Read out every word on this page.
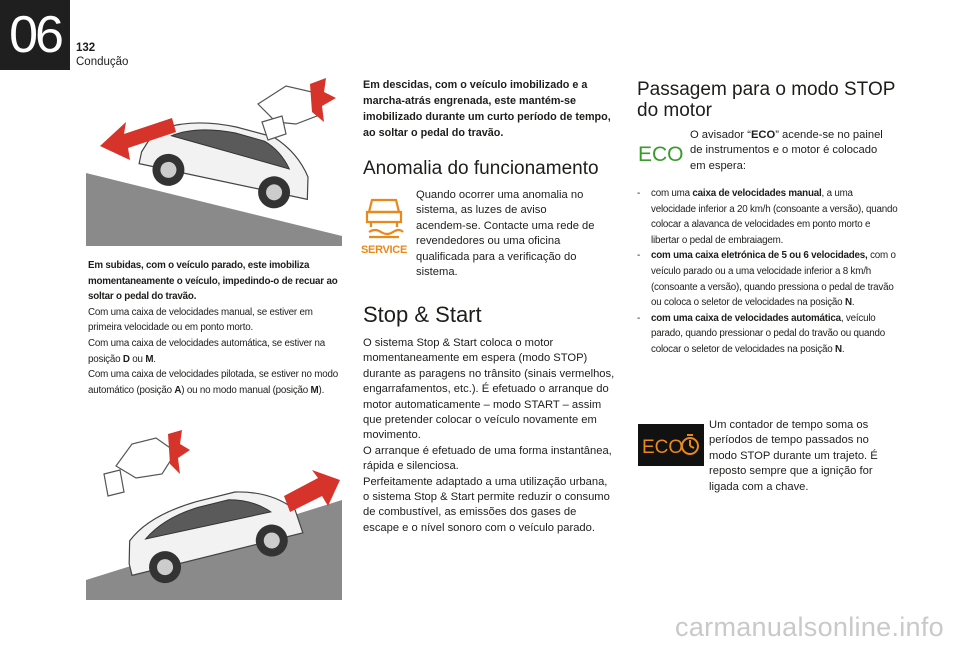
06	132
Condução

Em subidas, com o veículo parado, este imobiliza momentaneamente o veículo, impedindo-o de recuar ao soltar o pedal do travão.

Com uma caixa de velocidades manual, se estiver em primeira velocidade ou em ponto morto.

Com uma caixa de velocidades automática, se estiver na posição D ou M.

Com uma caixa de velocidades pilotada, se estiver no modo automático (posição A) ou no modo manual (posição M).

Em descidas, com o veículo imobilizado e a marcha-atrás engrenada, este mantém-se imobilizado durante um curto período de tempo, ao soltar o pedal do travão.
Anomalia do funcionamento
SERVICE
Quando ocorrer uma anomalia no sistema, as luzes de aviso acendem-se. Contacte uma rede de revendedores ou uma oficina qualificada para a verificação do sistema.
Stop & Start

O sistema Stop & Start coloca o motor momentaneamente em espera (modo STOP) durante as paragens no trânsito (sinais vermelhos, engarrafamentos, etc.). É efetuado o arranque do motor automaticamente – modo START – assim que pretender colocar o veículo novamente em movimento.

O arranque é efetuado de uma forma instantânea, rápida e silenciosa.

Perfeitamente adaptado a uma utilização urbana, o sistema Stop & Start permite reduzir o consumo de combustível, as emissões dos gases de escape e o nível sonoro com o veículo parado.

Passagem para o modo STOP do motor
ECO
O avisador “ECO” acende-se no painel de instrumentos e o motor é colocado em espera:
- com uma caixa de velocidades manual, a uma velocidade inferior a 20 km/h (consoante a versão), quando colocar a alavanca de velocidades em ponto morto e libertar o pedal de embraiagem.
- com uma caixa eletrónica de 5 ou 6 velocidades, com o veículo parado ou a uma velocidade inferior a 8 km/h (consoante a versão), quando pressiona o pedal de travão ou coloca o seletor de velocidades na posição N.
- com uma caixa de velocidades automática, veículo parado, quando pressionar o pedal do travão ou quando colocar o seletor de velocidades na posição N.
ECO
Um contador de tempo soma os períodos de tempo passados no modo STOP durante um trajeto. É reposto sempre que a ignição for ligada com a chave.
carmanualsonline.info
